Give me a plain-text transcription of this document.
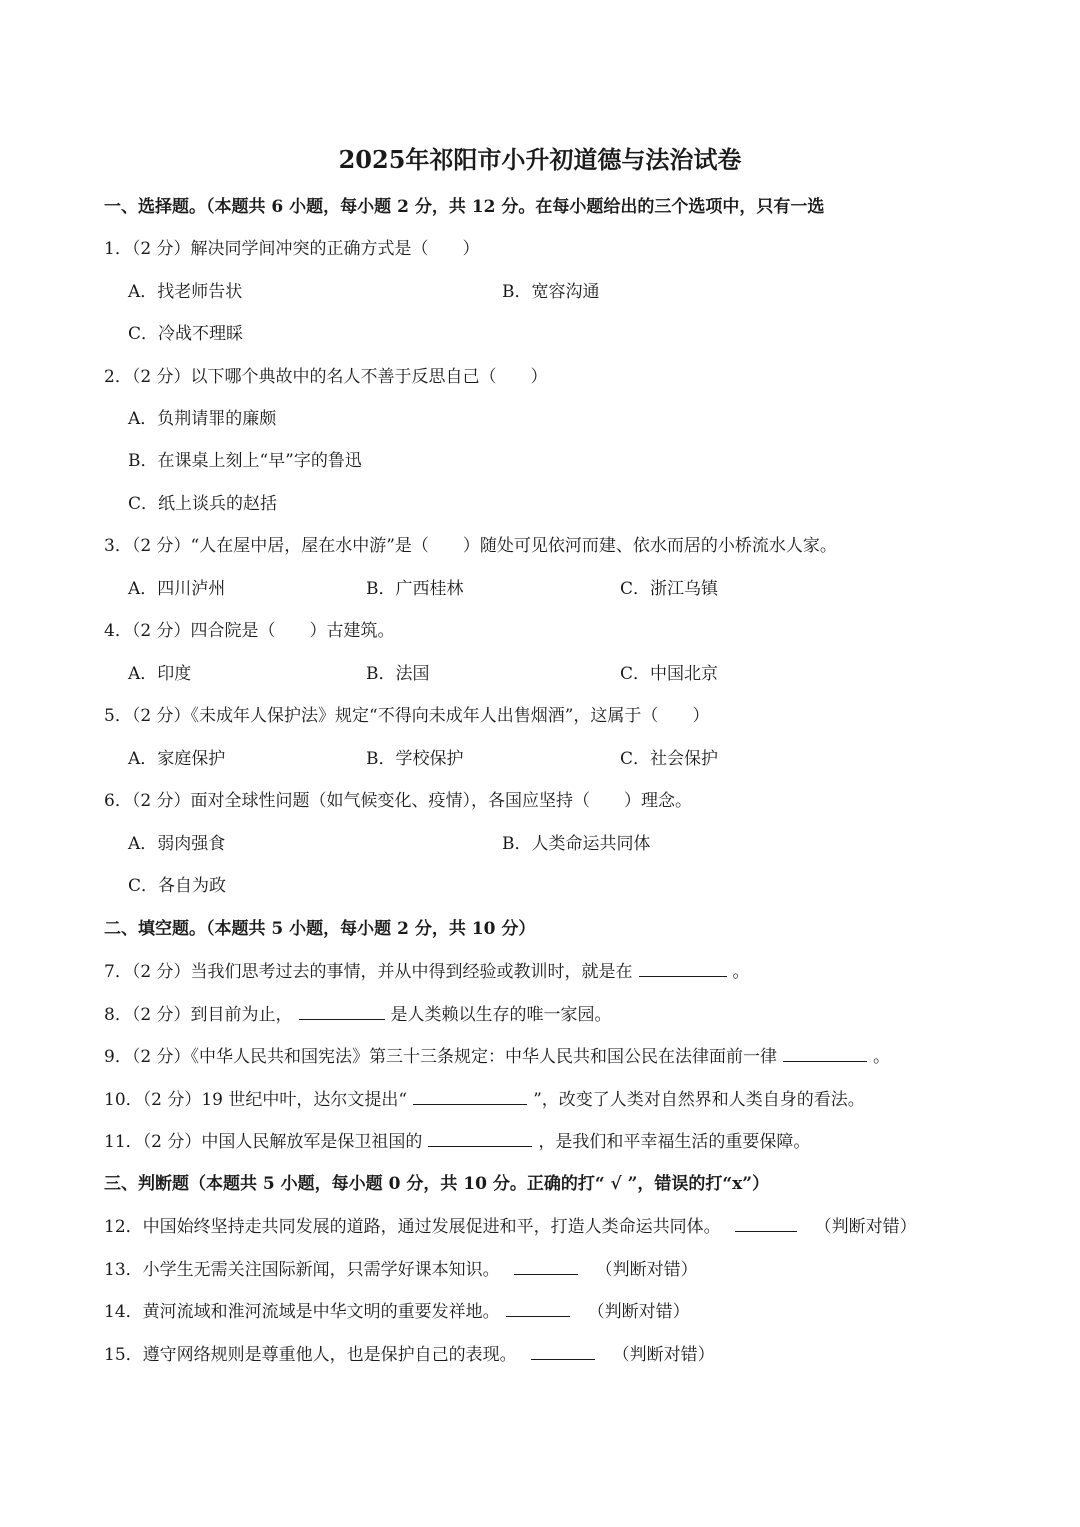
2025年祁阳市小升初道德与法治试卷
一、选择题。（本题共 6 小题，每小题 2 分，共 12 分。在每小题给出的三个选项中，只有一选
1．（2 分）解决同学间冲突的正确方式是（　　）
A．找老师告状	B．宽容沟通
C．冷战不理睬
2．（2 分）以下哪个典故中的名人不善于反思自己（　　）
A．负荆请罪的廉颇
B．在课桌上刻上“早”字的鲁迅
C．纸上谈兵的赵括
3．（2 分）“人在屋中居，屋在水中游”是（　　）随处可见依河而建、依水而居的小桥流水人家。
A．四川泸州	B．广西桂林	C．浙江乌镇
4．（2 分）四合院是（　　）古建筑。
A．印度	B．法国	C．中国北京
5．（2 分）《未成年人保护法》规定“不得向未成年人出售烟酒”，这属于（　　）
A．家庭保护	B．学校保护	C．社会保护
6．（2 分）面对全球性问题（如气候变化、疫情），各国应坚持（　　）理念。
A．弱肉强食	B．人类命运共同体
C．各自为政
二、填空题。（本题共 5 小题，每小题 2 分，共 10 分）
7．（2 分）当我们思考过去的事情，并从中得到经验或教训时，就是在	。
8．（2 分）到目前为止，	是人类赖以生存的唯一家园。
9．（2 分）《中华人民共和国宪法》第三十三条规定：中华人民共和国公民在法律面前一律	。
10．（2 分）19 世纪中叶，达尔文提出“	”，改变了人类对自然界和人类自身的看法。
11．（2 分）中国人民解放军是保卫祖国的	，是我们和平幸福生活的重要保障。
三、判断题（本题共 5 小题，每小题 0 分，共 10 分。正确的打“ √ ”，错误的打“x”）
12．中国始终坚持走共同发展的道路，通过发展促进和平，打造人类命运共同体。	（判断对错）
13．小学生无需关注国际新闻，只需学好课本知识。	（判断对错）
14．黄河流域和淮河流域是中华文明的重要发祥地。	（判断对错）
15．遵守网络规则是尊重他人，也是保护自己的表现。	（判断对错）
